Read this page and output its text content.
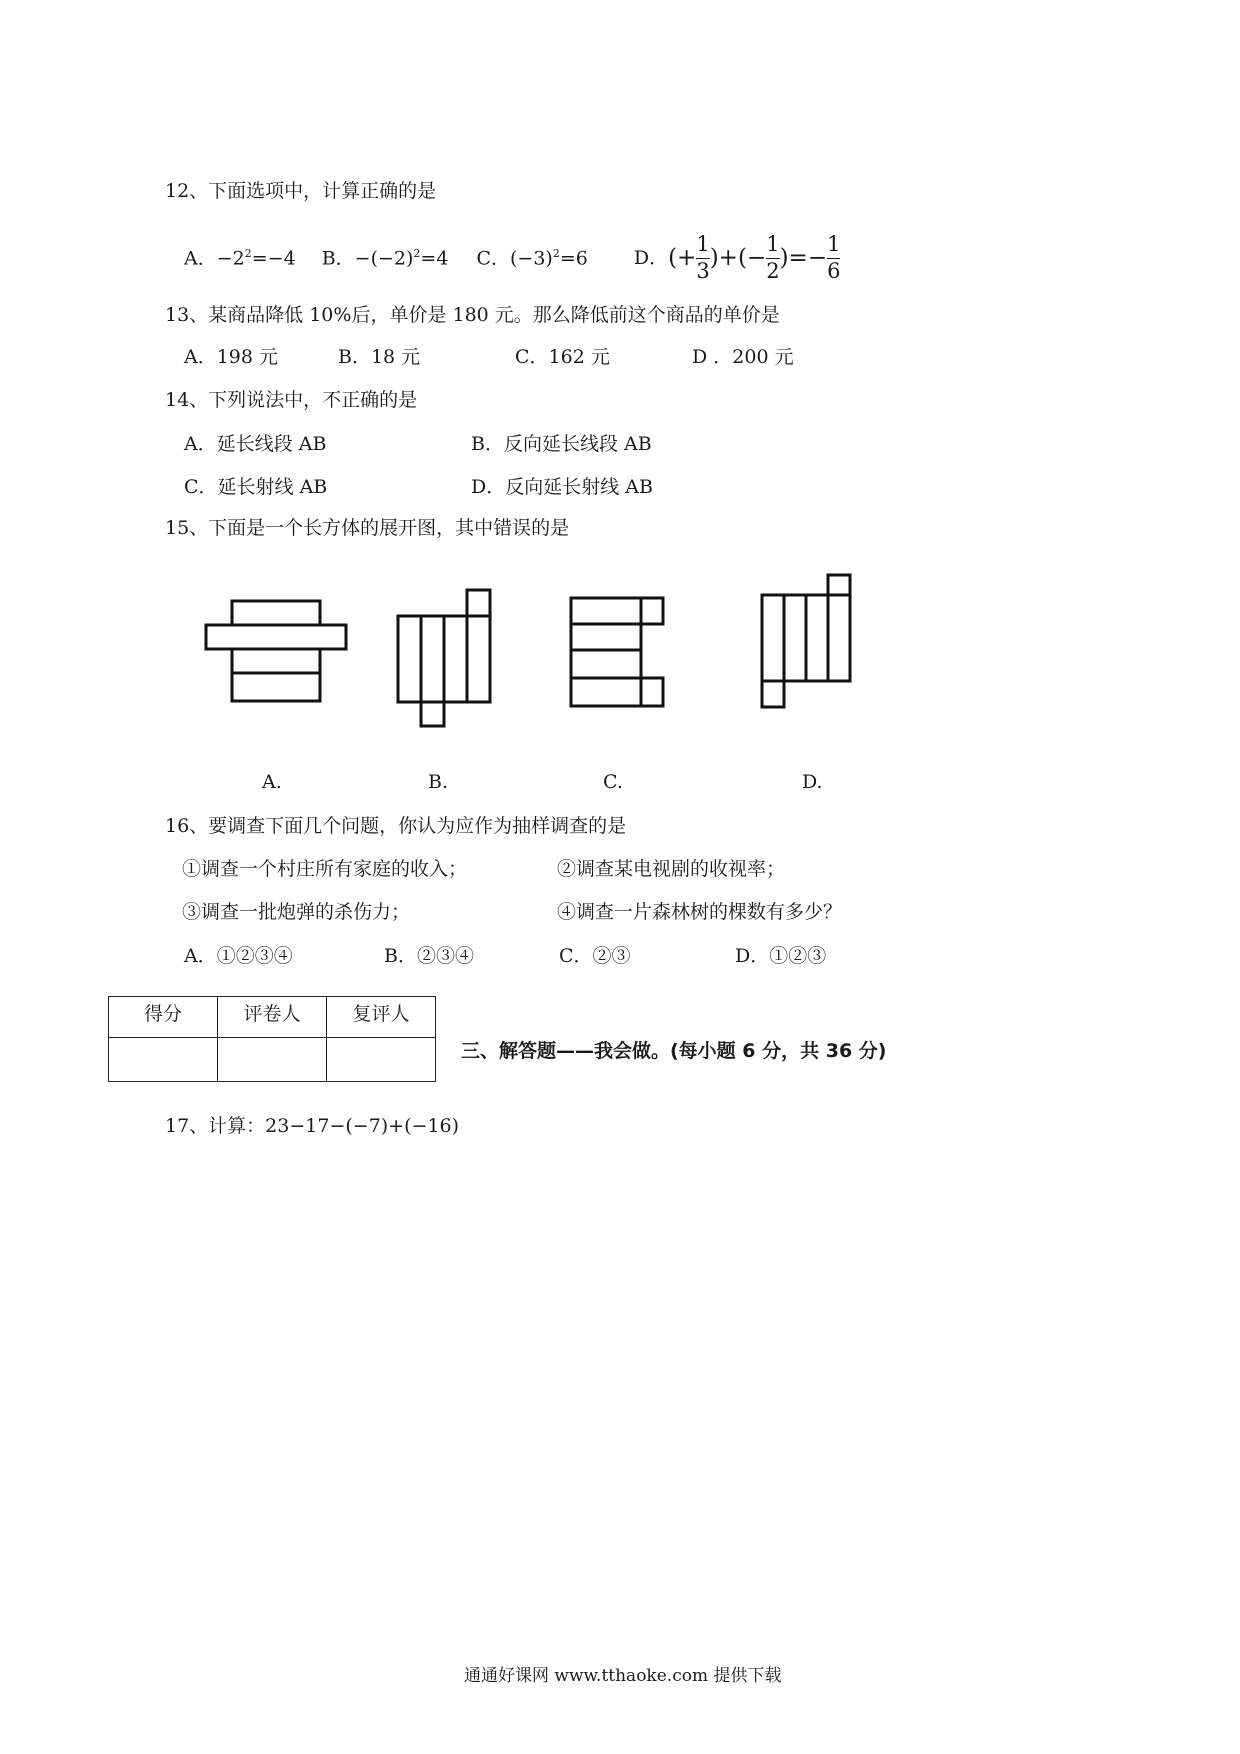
12、下面选项中，计算正确的是
A．$-2^2=-4$ B．$-(-2)^2=4$ C．$(-3)^2=6$ D． (+ $\frac{1}{3}$ )+(− $\frac{1}{2}$ )=− $\frac{1}{6}$
13、某商品降低 10%后，单价是 180 元。那么降低前这个商品的单价是
A．198 元	B．18 元	C．162 元	D ．200 元
14、下列说法中，不正确的是
A．延长线段 AB	B．反向延长线段 AB
C．延长射线 AB	D．反向延长射线 AB
15、下面是一个长方体的展开图，其中错误的是
A.	B.	C.	D.
16、要调查下面几个问题，你认为应作为抽样调查的是
①调查一个村庄所有家庭的收入；	②调查某电视剧的收视率；
③调查一批炮弹的杀伤力；	④调查一片森林树的棵数有多少？
A．①②③④	B．②③④	C．②③	D．①②③
得分	评卷人	复评人

三、解答题——我会做。(每小题 6 分，共 36 分)
17、计算：23−17−(−7)+(−16)
通通好课网 www.tthaoke.com 提供下载
